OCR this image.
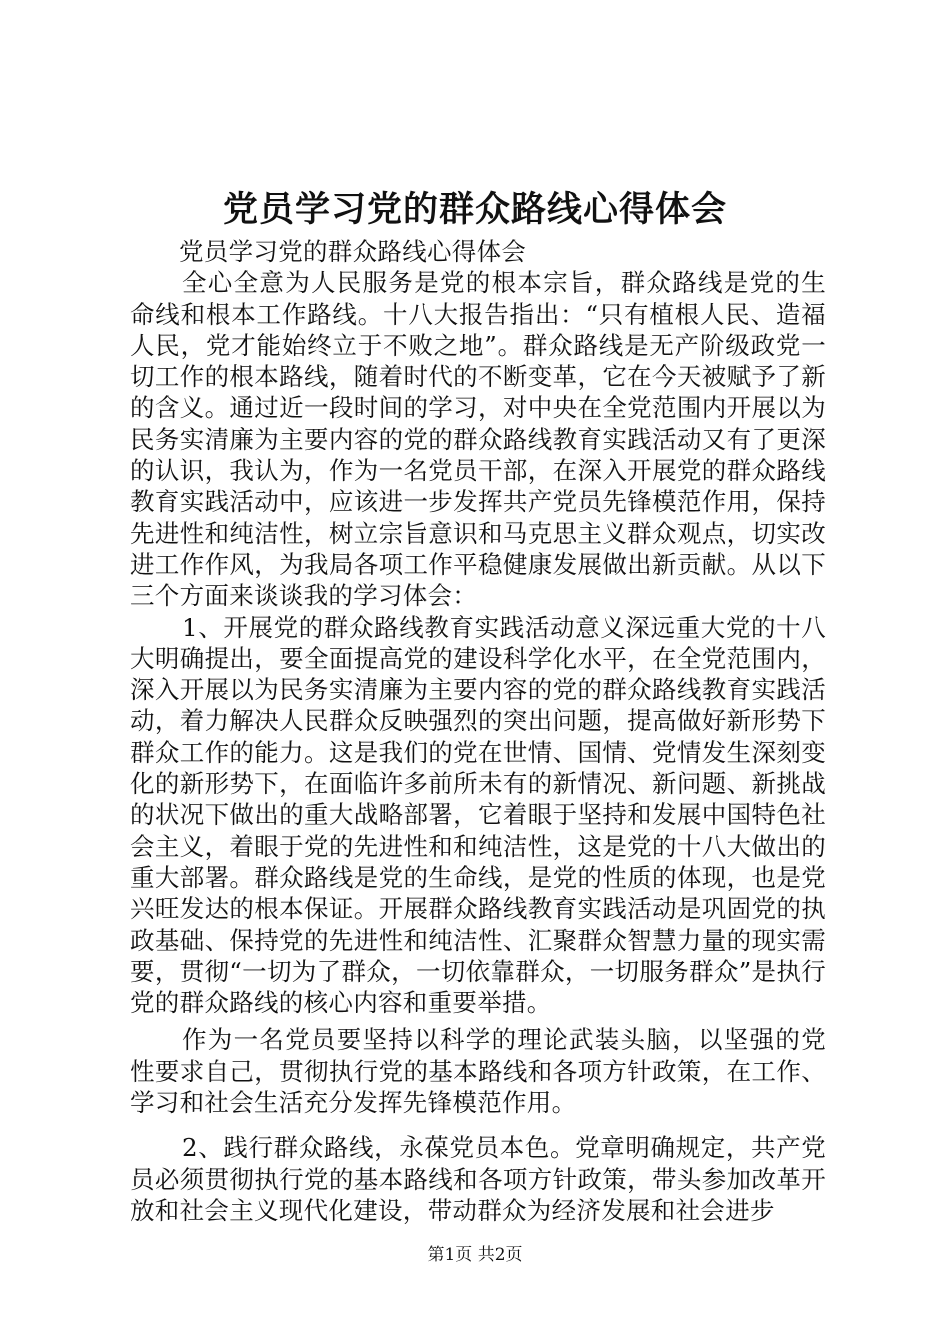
党员学习党的群众路线心得体会

党员学习党的群众路线心得体会

全心全意为人民服务是党的根本宗旨，群众路线是党的生命线和根本工作路线。十八大报告指出：“只有植根人民、造福人民，党才能始终立于不败之地”。群众路线是无产阶级政党一切工作的根本路线，随着时代的不断变革，它在今天被赋予了新的含义。通过近一段时间的学习，对中央在全党范围内开展以为民务实清廉为主要内容的党的群众路线教育实践活动又有了更深的认识，我认为，作为一名党员干部，在深入开展党的群众路线教育实践活动中，应该进一步发挥共产党员先锋模范作用，保持先进性和纯洁性，树立宗旨意识和马克思主义群众观点，切实改进工作作风，为我局各项工作平稳健康发展做出新贡献。从以下三个方面来谈谈我的学习体会：

1、开展党的群众路线教育实践活动意义深远重大党的十八大明确提出，要全面提高党的建设科学化水平，在全党范围内，深入开展以为民务实清廉为主要内容的党的群众路线教育实践活动，着力解决人民群众反映强烈的突出问题，提高做好新形势下群众工作的能力。这是我们的党在世情、国情、党情发生深刻变化的新形势下，在面临许多前所未有的新情况、新问题、新挑战的状况下做出的重大战略部署，它着眼于坚持和发展中国特色社会主义，着眼于党的先进性和和纯洁性，这是党的十八大做出的重大部署。群众路线是党的生命线，是党的性质的体现，也是党兴旺发达的根本保证。开展群众路线教育实践活动是巩固党的执政基础、保持党的先进性和纯洁性、汇聚群众智慧力量的现实需要，贯彻“一切为了群众，一切依靠群众，一切服务群众”是执行党的群众路线的核心内容和重要举措。

作为一名党员要坚持以科学的理论武装头脑，以坚强的党性要求自己，贯彻执行党的基本路线和各项方针政策，在工作、学习和社会生活充分发挥先锋模范作用。

2、践行群众路线，永葆党员本色。党章明确规定，共产党员必须贯彻执行党的基本路线和各项方针政策，带头参加改革开放和社会主义现代化建设，带动群众为经济发展和社会进步

第1页 共2页
